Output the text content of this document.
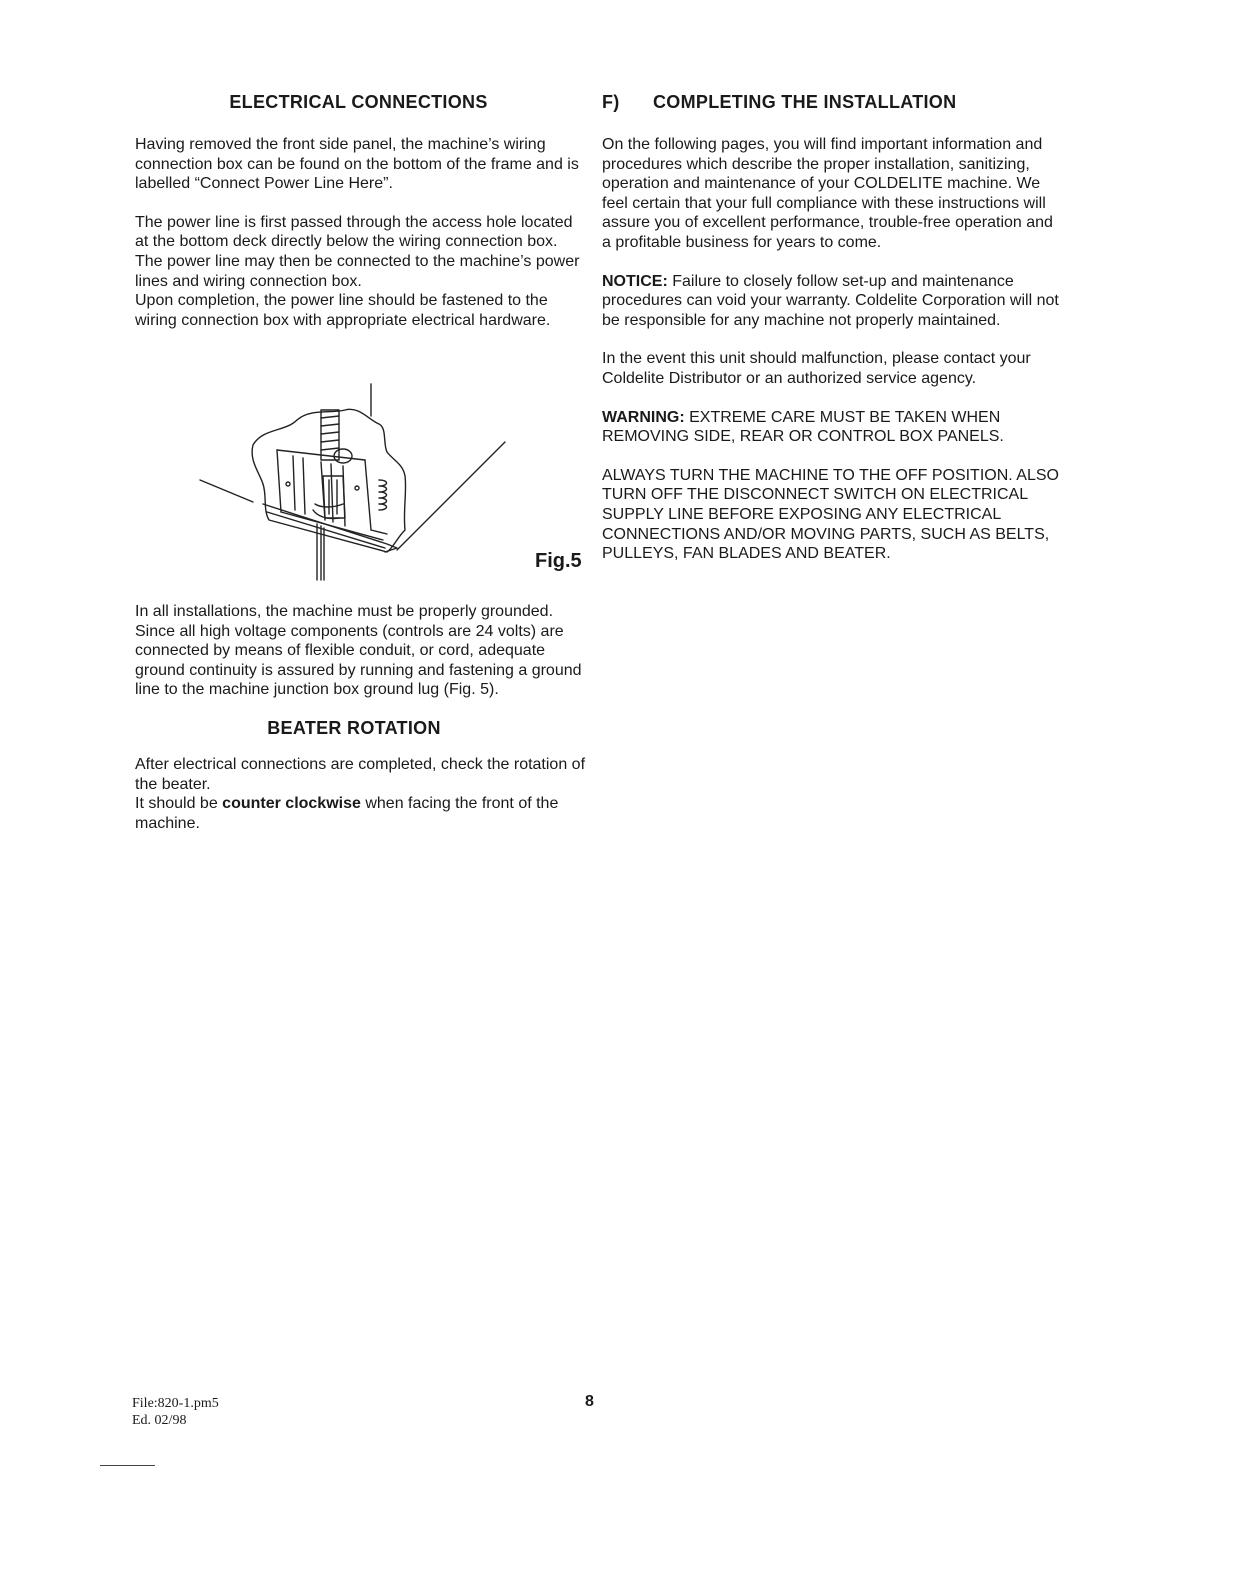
ELECTRICAL CONNECTIONS

Having removed the front side panel, the machine’s wiring connection box can be found on the bottom of the frame and is labelled “Connect Power Line Here”.

The power line is first passed through the access hole located at the bottom deck directly below the wiring connection box.

The power line may then be connected to the machine’s power lines and wiring connection box.

Upon completion, the power line should be fastened to the wiring connection box with appropriate electrical hardware.

Fig.5

In all installations, the machine must be properly grounded. Since all high voltage components (controls are 24 volts) are connected by means of flexible conduit, or cord, adequate ground continuity is assured by running and fastening a ground line to the machine junction box ground lug (Fig. 5).

BEATER ROTATION

After electrical connections are completed, check the rotation of the beater.

It should be counter clockwise when facing the front of the machine.

F)	COMPLETING THE INSTALLATION

On the following pages, you will find important information and procedures which describe the proper installation, sanitizing, operation and maintenance of your COLDELITE machine. We feel certain that your full compliance with these instructions will assure you of excellent performance, trouble-free operation and a profitable business for years to come.

NOTICE: Failure to closely follow set-up and maintenance procedures can void your warranty. Coldelite Corporation will not be responsible for any machine not properly maintained.

In the event this unit should malfunction, please contact your Coldelite Distributor or an authorized service agency.

WARNING: EXTREME CARE MUST BE TAKEN WHEN REMOVING SIDE, REAR OR CONTROL BOX PANELS.

ALWAYS TURN THE MACHINE TO THE OFF POSITION. ALSO TURN OFF THE DISCONNECT SWITCH ON ELECTRICAL SUPPLY LINE BEFORE EXPOSING ANY ELECTRICAL CONNECTIONS AND/OR MOVING PARTS, SUCH AS BELTS, PULLEYS, FAN BLADES AND BEATER.

File:820-1.pm5
Ed. 02/98
8
